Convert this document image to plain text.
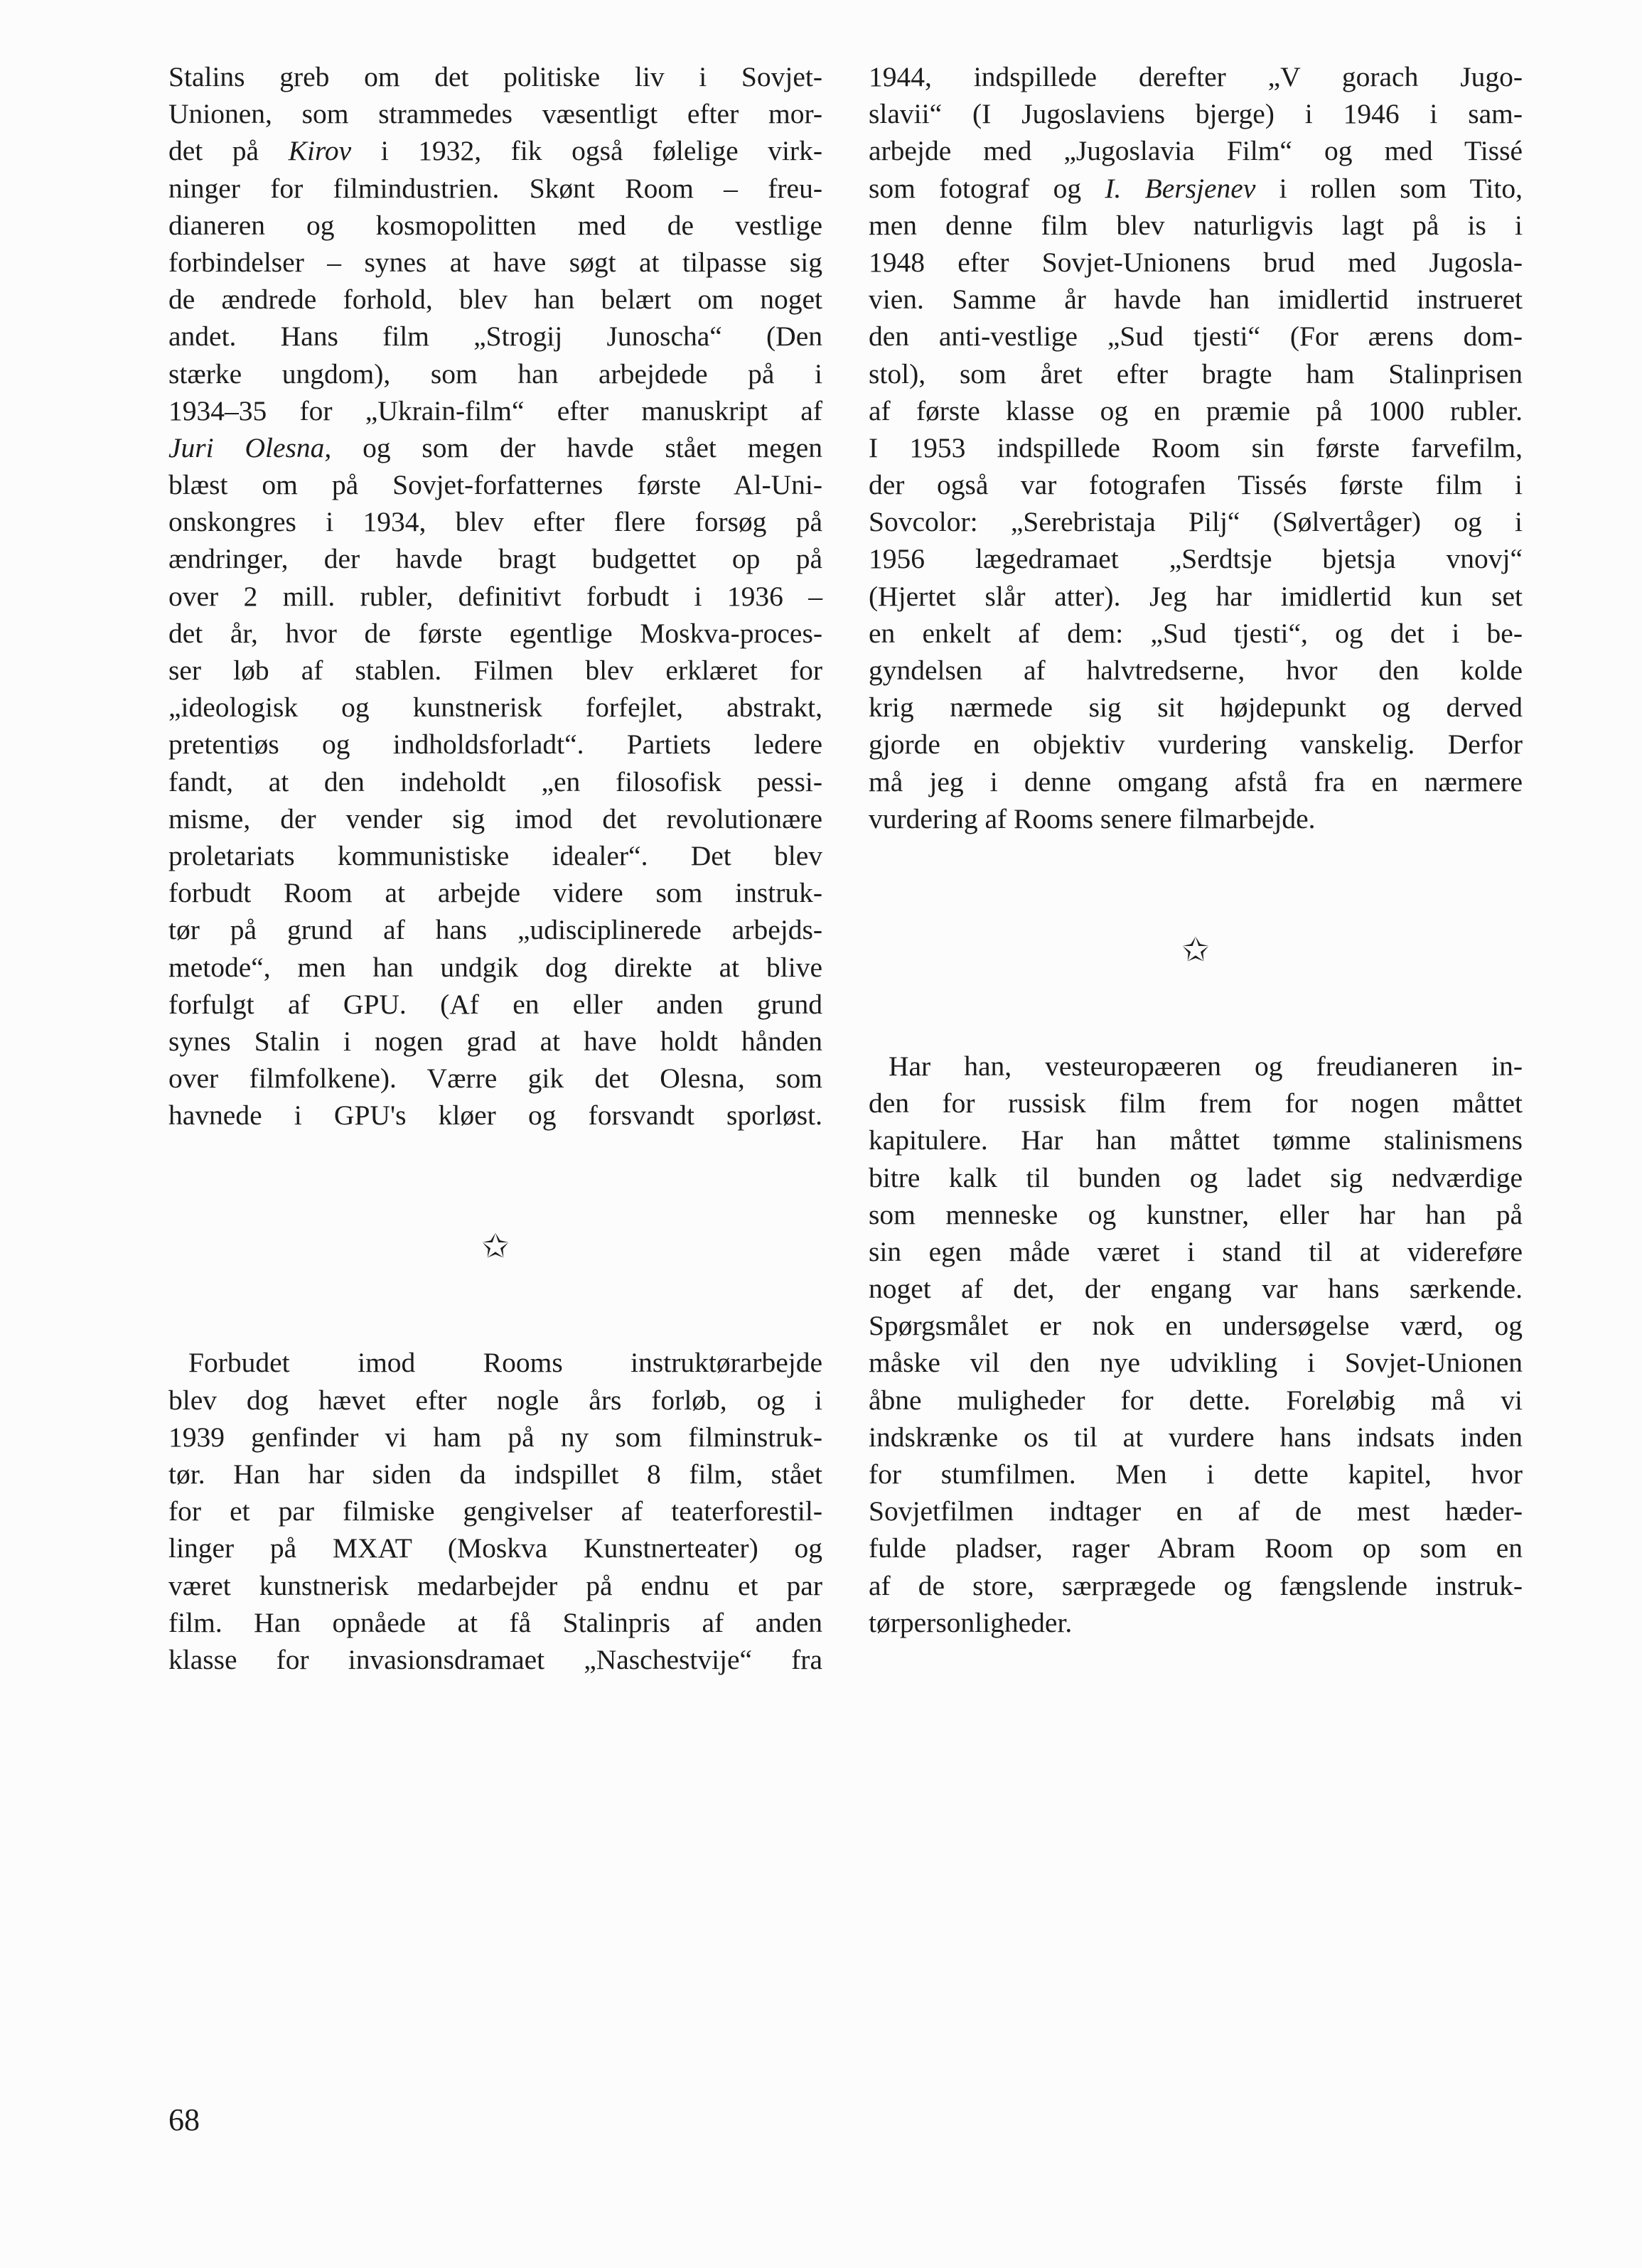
Stalins greb om det politiske liv i Sovjet-
Unionen, som strammedes væsentligt efter mor-
det på Kirov i 1932, fik også følelige virk-
ninger for filmindustrien. Skønt Room – freu-
dianeren og kosmopolitten med de vestlige
forbindelser – synes at have søgt at tilpasse sig
de ændrede forhold, blev han belært om noget
andet. Hans film „Strogij Junoscha“ (Den
stærke ungdom), som han arbejdede på i
1934–35 for „Ukrain-film“ efter manuskript af
Juri Olesna, og som der havde stået megen
blæst om på Sovjet-forfatternes første Al-Uni-
onskongres i 1934, blev efter flere forsøg på
ændringer, der havde bragt budgettet op på
over 2 mill. rubler, definitivt forbudt i 1936 –
det år, hvor de første egentlige Moskva-proces-
ser løb af stablen. Filmen blev erklæret for
„ideologisk og kunstnerisk forfejlet, abstrakt,
pretentiøs og indholdsforladt“. Partiets ledere
fandt, at den indeholdt „en filosofisk pessi-
misme, der vender sig imod det revolutionære
proletariats kommunistiske idealer“. Det blev
forbudt Room at arbejde videre som instruk-
tør på grund af hans „udisciplinerede arbejds-
metode“, men han undgik dog direkte at blive
forfulgt af GPU. (Af en eller anden grund
synes Stalin i nogen grad at have holdt hånden
over filmfolkene). Værre gik det Olesna, som
havnede i GPU's kløer og forsvandt sporløst.
✩
Forbudet imod Rooms instruktørarbejde
blev dog hævet efter nogle års forløb, og i
1939 genfinder vi ham på ny som filminstruk-
tør. Han har siden da indspillet 8 film, stået
for et par filmiske gengivelser af teaterforestil-
linger på MXAT (Moskva Kunstnerteater) og
været kunstnerisk medarbejder på endnu et par
film. Han opnåede at få Stalinpris af anden
klasse for invasionsdramaet „Naschestvije“ fra
1944, indspillede derefter „V gorach Jugo-
slavii“ (I Jugoslaviens bjerge) i 1946 i sam-
arbejde med „Jugoslavia Film“ og med Tissé
som fotograf og I. Bersjenev i rollen som Tito,
men denne film blev naturligvis lagt på is i
1948 efter Sovjet-Unionens brud med Jugosla-
vien. Samme år havde han imidlertid instrueret
den anti-vestlige „Sud tjesti“ (For ærens dom-
stol), som året efter bragte ham Stalinprisen
af første klasse og en præmie på 1000 rubler.
I 1953 indspillede Room sin første farvefilm,
der også var fotografen Tissés første film i
Sovcolor: „Serebristaja Pilj“ (Sølvertåger) og i
1956 lægedramaet „Serdtsje bjetsja vnovj“
(Hjertet slår atter). Jeg har imidlertid kun set
en enkelt af dem: „Sud tjesti“, og det i be-
gyndelsen af halvtredserne, hvor den kolde
krig nærmede sig sit højdepunkt og derved
gjorde en objektiv vurdering vanskelig. Derfor
må jeg i denne omgang afstå fra en nærmere
vurdering af Rooms senere filmarbejde.
✩
Har han, vesteuropæeren og freudianeren in-
den for russisk film frem for nogen måttet
kapitulere. Har han måttet tømme stalinismens
bitre kalk til bunden og ladet sig nedværdige
som menneske og kunstner, eller har han på
sin egen måde været i stand til at videreføre
noget af det, der engang var hans særkende.
Spørgsmålet er nok en undersøgelse værd, og
måske vil den nye udvikling i Sovjet-Unionen
åbne muligheder for dette. Foreløbig må vi
indskrænke os til at vurdere hans indsats inden
for stumfilmen. Men i dette kapitel, hvor
Sovjetfilmen indtager en af de mest hæder-
fulde pladser, rager Abram Room op som en
af de store, særprægede og fængslende instruk-
tørpersonligheder.
68
